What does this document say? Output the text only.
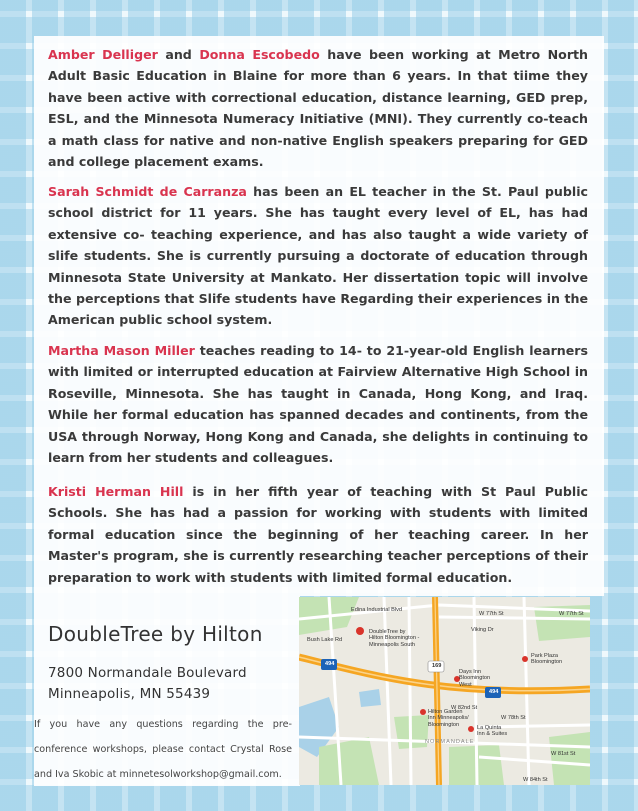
Amber Delliger and Donna Escobedo have been working at Metro North Adult Basic Education in Blaine for more than 6 years. In that tiime they have been active with correctional education, distance learning, GED prep, ESL, and the Minnesota Numeracy Initiative (MNI). They currently co-teach a math class for native and non-native English speakers preparing for GED and college placement exams.
Sarah Schmidt de Carranza has been an EL teacher in the St. Paul public school district for 11 years. She has taught every level of EL, has had extensive co- teaching experience, and has also taught a wide variety of slife students. She is currently pursuing a doctorate of education through Minnesota State University at Mankato. Her dissertation topic will involve the perceptions that Slife students have Regarding their experiences in the American public school system.
Martha Mason Miller teaches reading to 14- to 21-year-old English learners with limited or interrupted education at Fairview Alternative High School in Roseville, Minnesota. She has taught in Canada, Hong Kong, and Iraq. While her formal education has spanned decades and continents, from the USA through Norway, Hong Kong and Canada, she delights in continuing to learn from her students and colleagues.
Kristi Herman Hill is in her fifth year of teaching with St Paul Public Schools. She has had a passion for working with students with limited formal education since the beginning of her teaching career. In her Master's program, she is currently researching teacher perceptions of their preparation to work with students with limited formal education.
DoubleTree by Hilton
7800 Normandale Boulevard
Minneapolis, MN 55439
If you have any questions regarding the pre-conference workshops, please contact Crystal Rose and Iva Skobic at minnetesolworkshop@gmail.com.
Edina Industrial Blvd
W 77th St	W 77th St
Viking Dr
W 82nd St
W 78th St
W 81st St
W 84th St
Bush Lake Rd
DoubleTree by
Hilton Bloomington -
Minneapolis South
Days Inn
Bloomington
West
Park Plaza
Bloomington
Hilton Garden
Inn Minneapolis/
Bloomington
La Quinta
Inn & Suites
NORMANDALE
169
494
494
